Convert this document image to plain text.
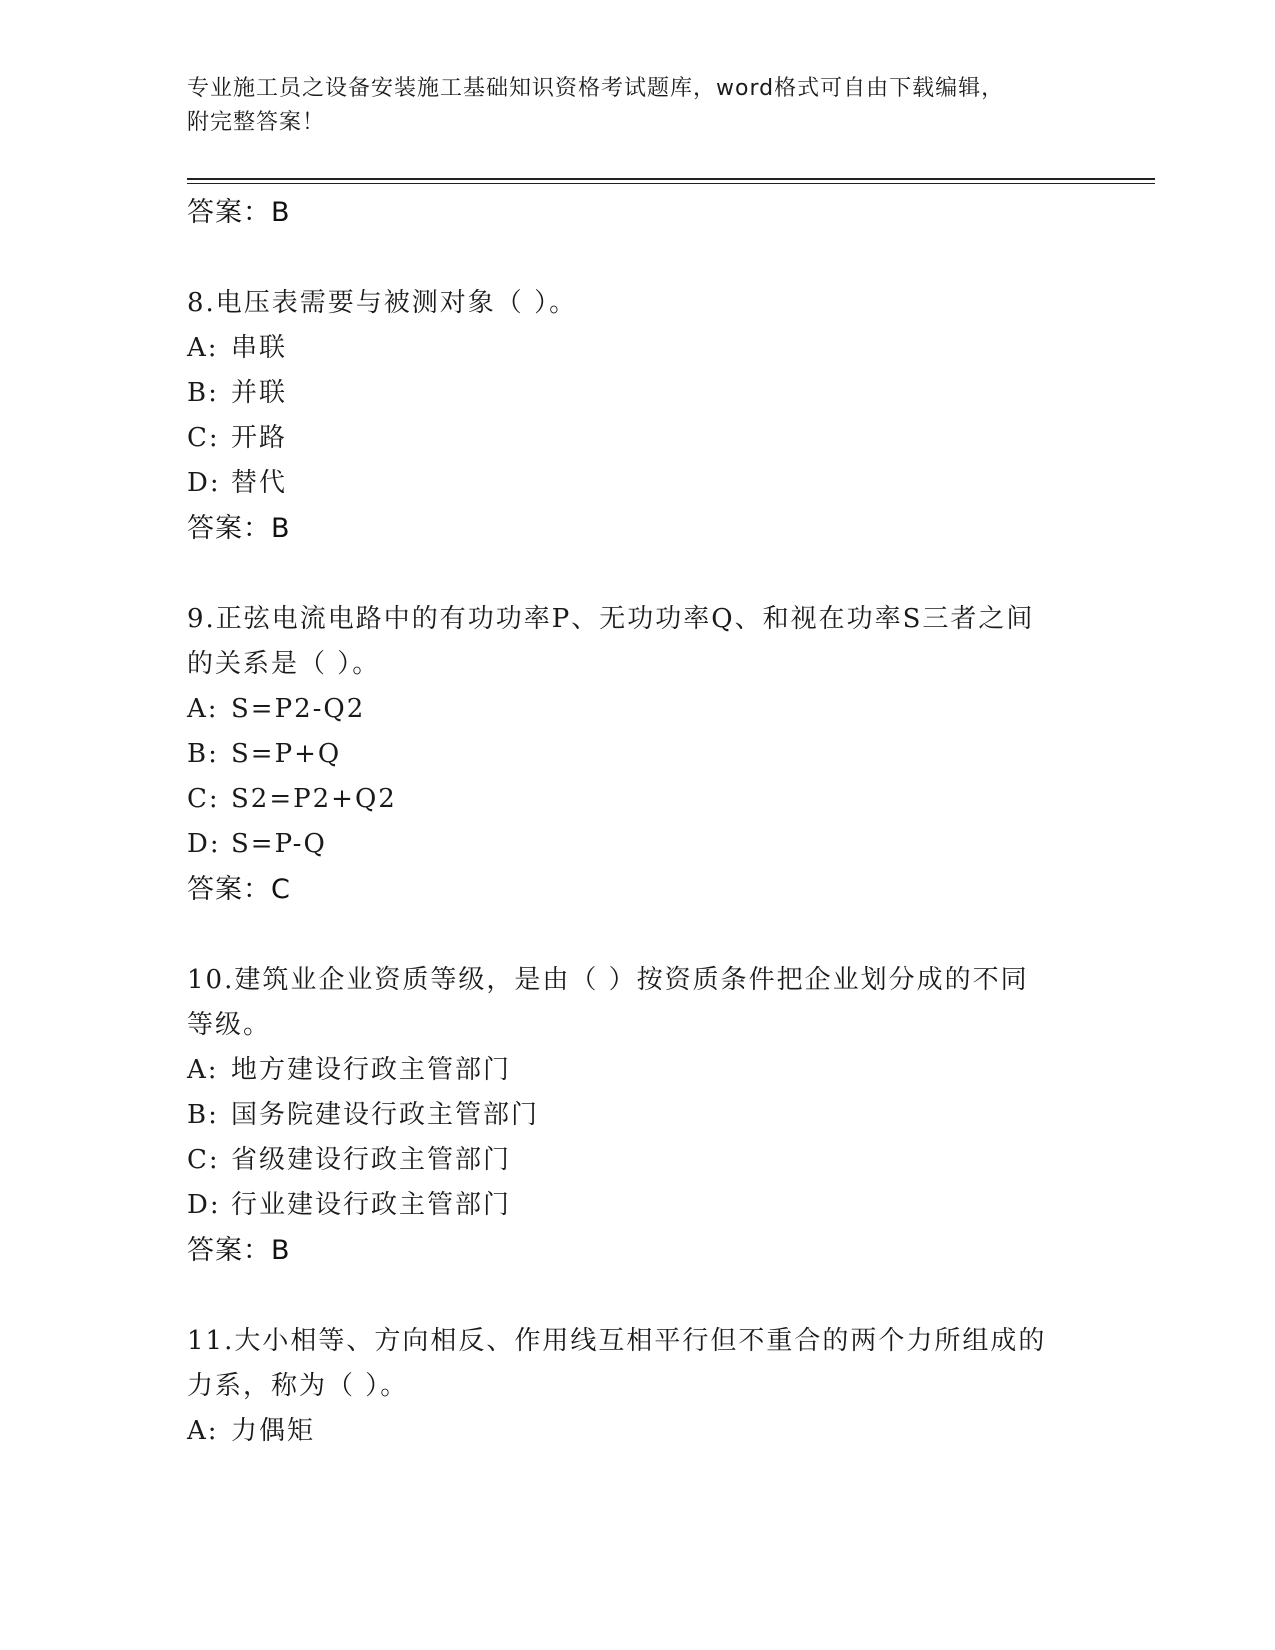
专业施工员之设备安装施工基础知识资格考试题库，word格式可自由下载编辑，
附完整答案！
答案：B
8.电压表需要与被测对象（ ）。
A: 串联
B: 并联
C: 开路
D: 替代
答案：B
9.正弦电流电路中的有功功率P、无功功率Q、和视在功率S三者之间
的关系是（ ）。
A: S=P2-Q2
B: S=P+Q
C: S2=P2+Q2
D: S=P-Q
答案：C
10.建筑业企业资质等级，是由（ ）按资质条件把企业划分成的不同
等级。
A: 地方建设行政主管部门
B: 国务院建设行政主管部门
C: 省级建设行政主管部门
D: 行业建设行政主管部门
答案：B
11.大小相等、方向相反、作用线互相平行但不重合的两个力所组成的
力系，称为（ ）。
A: 力偶矩
